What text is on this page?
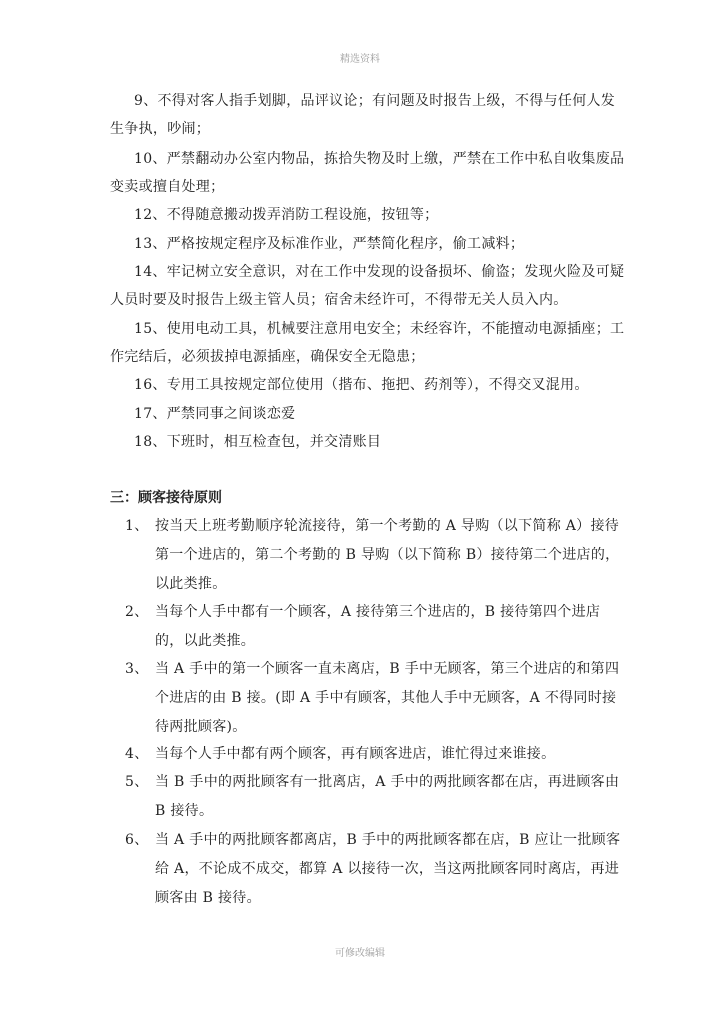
精选资料

9、不得对客人指手划脚，品评议论；有问题及时报告上级，不得与任何人发生争执，吵闹；

10、严禁翻动办公室内物品，拣拾失物及时上缴，严禁在工作中私自收集废品变卖或擅自处理；

12、不得随意搬动拨弄消防工程设施，按钮等；

13、严格按规定程序及标准作业，严禁简化程序，偷工减料；

14、牢记树立安全意识，对在工作中发现的设备损坏、偷盗；发现火险及可疑人员时要及时报告上级主管人员；宿舍未经许可，不得带无关人员入内。

15、使用电动工具，机械要注意用电安全；未经容许，不能擅动电源插座；工作完结后，必须拔掉电源插座，确保安全无隐患；

16、专用工具按规定部位使用（揩布、拖把、药剂等），不得交叉混用。

17、严禁同事之间谈恋爱

18、下班时，相互检查包，并交清账目

三：顾客接待原则
1、 按当天上班考勤顺序轮流接待，第一个考勤的 A 导购（以下简称 A）接待第一个进店的，第二个考勤的 B 导购（以下简称 B）接待第二个进店的，以此类推。
2、 当每个人手中都有一个顾客，A 接待第三个进店的，B 接待第四个进店的，以此类推。
3、 当 A 手中的第一个顾客一直未离店，B 手中无顾客，第三个进店的和第四个进店的由 B 接。(即 A 手中有顾客，其他人手中无顾客，A 不得同时接待两批顾客)。
4、 当每个人手中都有两个顾客，再有顾客进店，谁忙得过来谁接。
5、 当 B 手中的两批顾客有一批离店，A 手中的两批顾客都在店，再进顾客由 B 接待。
6、 当 A 手中的两批顾客都离店，B 手中的两批顾客都在店，B 应让一批顾客给 A，不论成不成交，都算 A 以接待一次，当这两批顾客同时离店，再进顾客由 B 接待。
可修改编辑
